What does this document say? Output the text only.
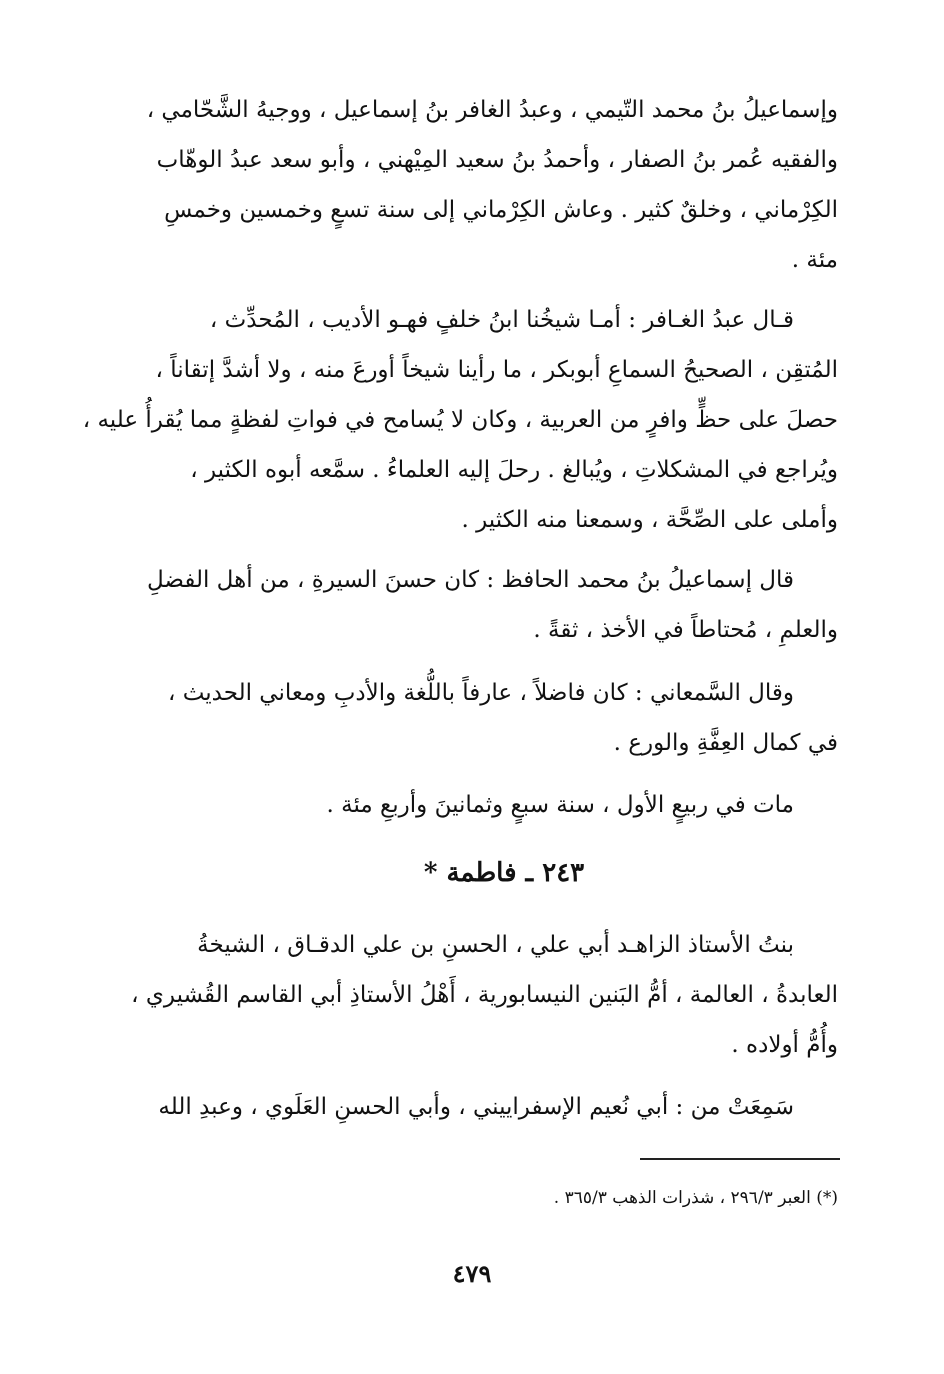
وإسماعيلُ بنُ محمد التّيمي ، وعبدُ الغافر بنُ إسماعيل ، ووجيهُ الشَّحّامي ،
والفقيه عُمر بنُ الصفار ، وأحمدُ بنُ سعيد المِيْهني ، وأبو سعد عبدُ الوهّاب
الكِرْماني ، وخلقٌ كثير . وعاش الكِرْماني إلى سنة تسعٍ وخمسين وخمسِ
مئة .
قـال عبدُ الغـافر : أمـا شيخُنا ابنُ خلفٍ فهـو الأديب ، المُحدِّث ،
المُتقِن ، الصحيحُ السماعِ أبوبكر ، ما رأينا شيخاً أورعَ منه ، ولا أشدَّ إتقاناً ،
حصلَ على حظٍّ وافرٍ من العربية ، وكان لا يُسامح في فواتِ لفظةٍ مما يُقرأُ عليه ،
ويُراجع في المشكلاتِ ، ويُبالغ . رحلَ إليه العلماءُ . سمَّعه أبوه الكثير ،
وأملى على الصِّحَّة ، وسمعنا منه الكثير .
قال إسماعيلُ بنُ محمد الحافظ : كان حسنَ السيرةِ ، من أهل الفضلِ
والعلمِ ، مُحتاطاً في الأخذ ، ثقةً .
وقال السَّمعاني : كان فاضلاً ، عارفاً باللُّغة والأدبِ ومعاني الحديث ،
في كمال العِفَّةِ والورع .
مات في ربيعٍ الأول ، سنة سبعٍ وثمانينَ وأربعِ مئة .
٢٤٣ ـ فاطمة *
بنتُ الأستاذ الزاهـد أبي علي ، الحسنِ بن علي الدقـاق ، الشيخةُ
العابدةُ ، العالمة ، أمُّ البَنين النيسابورية ، أَهْلُ الأستاذِ أبي القاسم القُشيري ،
وأُمُّ أولاده .
سَمِعَتْ من : أبي نُعيم الإسفراييني ، وأبي الحسنِ العَلَوي ، وعبدِ الله
(*) العبر ٢٩٦/٣ ، شذرات الذهب ٣٦٥/٣ .
٤٧٩
